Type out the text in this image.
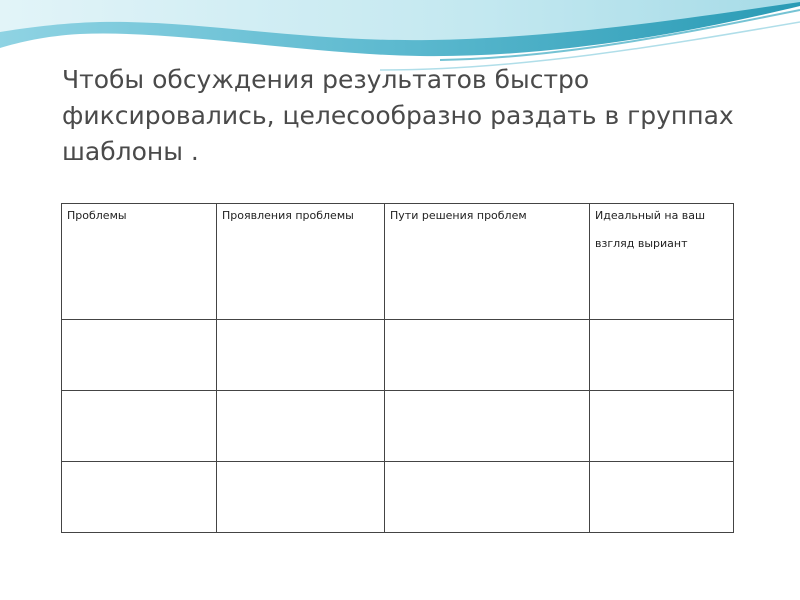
Чтобы обсуждения результатов быстро фиксировались, целесообразно раздать в группах шаблоны .
Проблемы	Проявления проблемы	Пути решения проблем	Идеальный на ваш взгляд выриант
